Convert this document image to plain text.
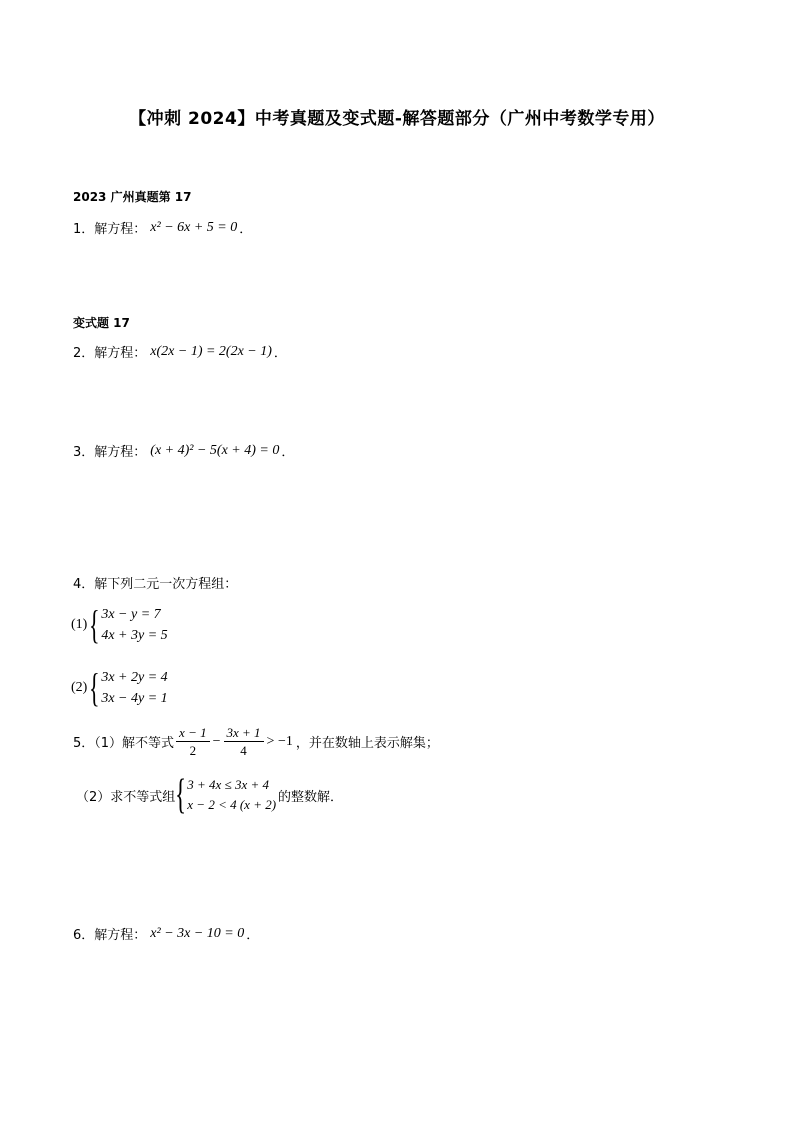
【冲刺 2024】中考真题及变式题-解答题部分（广州中考数学专用）
2023 广州真题第 17
1．解方程： x² − 6x + 5 = 0 ．
变式题 17
2．解方程： x(2x − 1) = 2(2x − 1) ．
3．解方程： (x + 4)² − 5(x + 4) = 0 ．
4．解下列二元一次方程组：
(1) { 3x − y = 7
4x + 3y = 5
(2) { 3x + 2y = 4
3x − 4y = 1
5．（1）解不等式 $\frac{x - 1}{2} - \frac{3x + 1}{4} > -1$ ，并在数轴上表示解集；
（2）求不等式组 { 3 + 4x ≤ 3x + 4
x − 2 < 4 (x + 2) 的整数解．
6．解方程： x² − 3x − 10 = 0 ．
